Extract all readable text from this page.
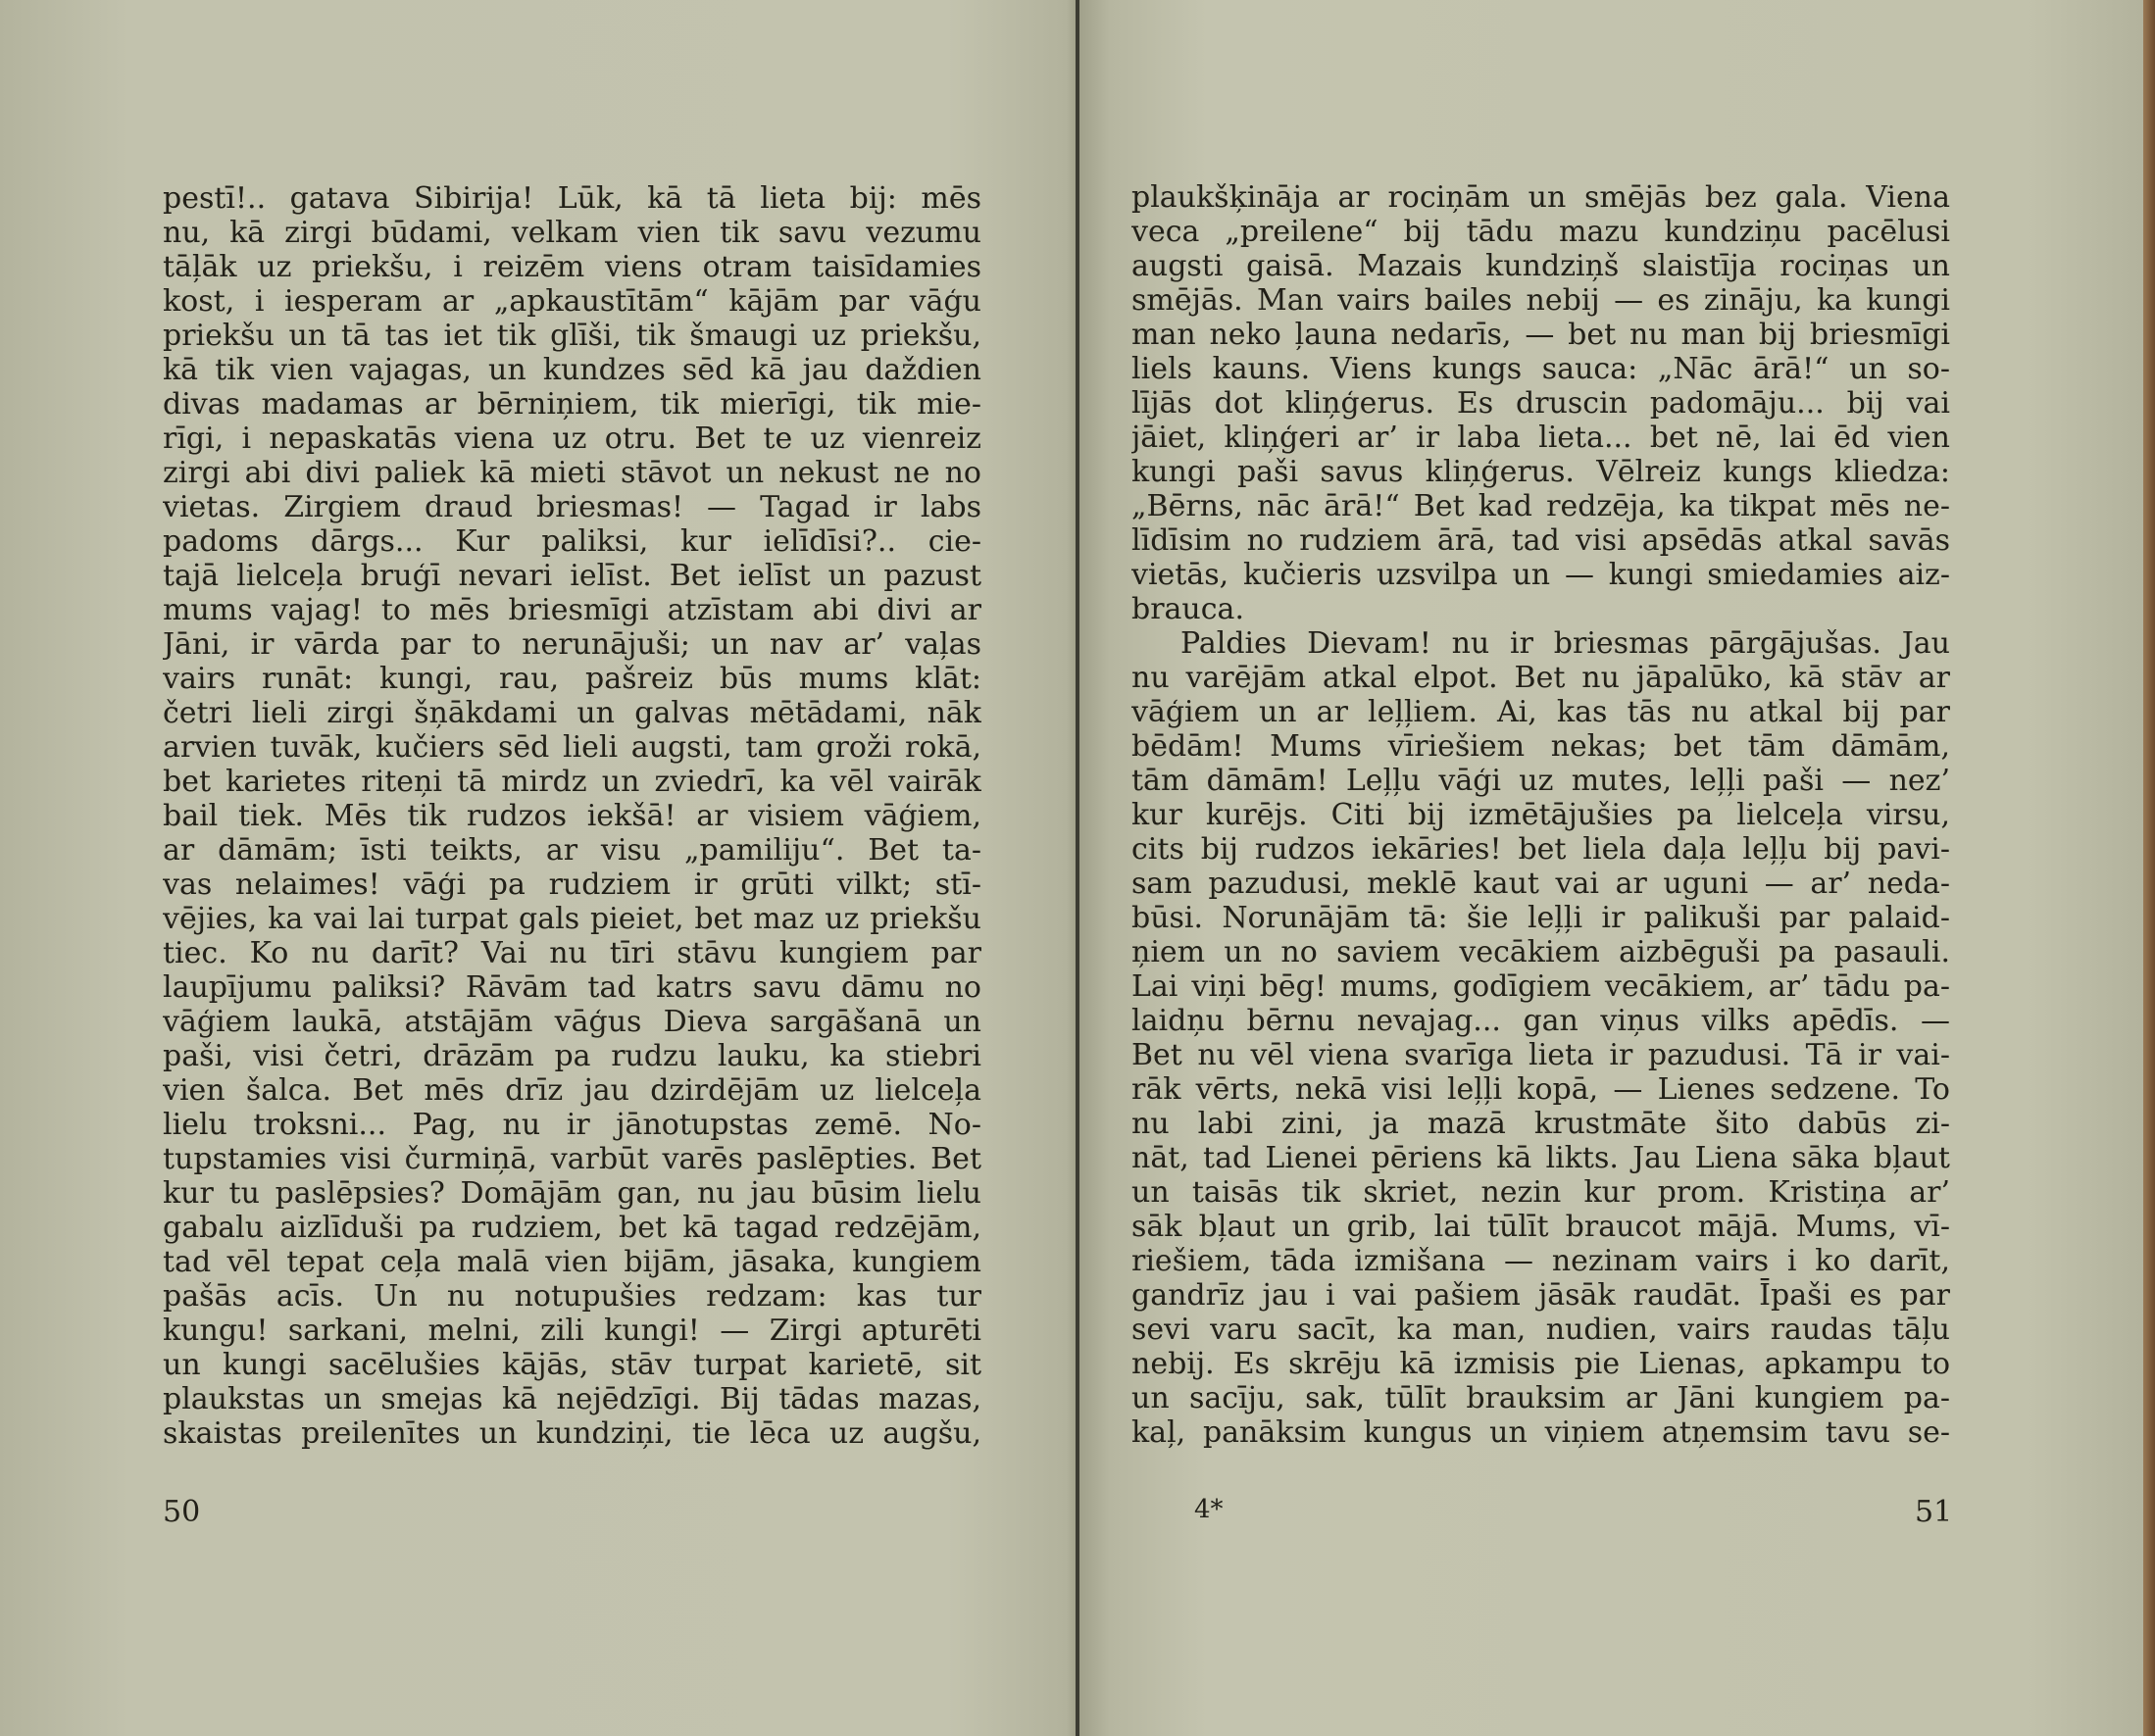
pestī!.. gatava Sibirija! Lūk, kā tā lieta bij: mēs
nu, kā zirgi būdami, velkam vien tik savu vezumu
tāļāk uz priekšu, i reizēm viens otram taisīdamies
kost, i iesperam ar „apkaustītām“ kājām par vāģu
priekšu un tā tas iet tik glīši, tik šmaugi uz priekšu,
kā tik vien vajagas, un kundzes sēd kā jau daždien
divas madamas ar bērniņiem, tik mierīgi, tik mie-
rīgi, i nepaskatās viena uz otru. Bet te uz vienreiz
zirgi abi divi paliek kā mieti stāvot un nekust ne no
vietas. Zirgiem draud briesmas! — Tagad ir labs
padoms dārgs... Kur paliksi, kur ielīdīsi?.. cie-
tajā lielceļa bruģī nevari ielīst. Bet ielīst un pazust
mums vajag! to mēs briesmīgi atzīstam abi divi ar
Jāni, ir vārda par to nerunājuši; un nav ar’ vaļas
vairs runāt: kungi, rau, pašreiz būs mums klāt:
četri lieli zirgi šņākdami un galvas mētādami, nāk
arvien tuvāk, kučiers sēd lieli augsti, tam groži rokā,
bet karietes riteņi tā mirdz un zviedrī, ka vēl vairāk
bail tiek. Mēs tik rudzos iekšā! ar visiem vāģiem,
ar dāmām; īsti teikts, ar visu „pamiliju“. Bet ta-
vas nelaimes! vāģi pa rudziem ir grūti vilkt; stī-
vējies, ka vai lai turpat gals pieiet, bet maz uz priekšu
tiec. Ko nu darīt? Vai nu tīri stāvu kungiem par
laupījumu paliksi? Rāvām tad katrs savu dāmu no
vāģiem laukā, atstājām vāģus Dieva sargāšanā un
paši, visi četri, drāzām pa rudzu lauku, ka stiebri
vien šalca. Bet mēs drīz jau dzirdējām uz lielceļa
lielu troksni... Pag, nu ir jānotupstas zemē. No-
tupstamies visi čurmiņā, varbūt varēs paslēpties. Bet
kur tu paslēpsies? Domājām gan, nu jau būsim lielu
gabalu aizlīduši pa rudziem, bet kā tagad redzējām,
tad vēl tepat ceļa malā vien bijām, jāsaka, kungiem
pašās acīs. Un nu notupušies redzam: kas tur
kungu! sarkani, melni, zili kungi! — Zirgi apturēti
un kungi sacēlušies kājās, stāv turpat karietē, sit
plaukstas un smejas kā nejēdzīgi. Bij tādas mazas,
skaistas preilenītes un kundziņi, tie lēca uz augšu,
50
plaukšķināja ar rociņām un smējās bez gala. Viena
veca „preilene“ bij tādu mazu kundziņu pacēlusi
augsti gaisā. Mazais kundziņš slaistīja rociņas un
smējās. Man vairs bailes nebij — es zināju, ka kungi
man neko ļauna nedarīs, — bet nu man bij briesmīgi
liels kauns. Viens kungs sauca: „Nāc ārā!“ un so-
lījās dot kliņģerus. Es druscin padomāju... bij vai
jāiet, kliņģeri ar’ ir laba lieta... bet nē, lai ēd vien
kungi paši savus kliņģerus. Vēlreiz kungs kliedza:
„Bērns, nāc ārā!“ Bet kad redzēja, ka tikpat mēs ne-
līdīsim no rudziem ārā, tad visi apsēdās atkal savās
vietās, kučieris uzsvilpa un — kungi smiedamies aiz-
brauca.
Paldies Dievam! nu ir briesmas pārgājušas. Jau
nu varējām atkal elpot. Bet nu jāpalūko, kā stāv ar
vāģiem un ar leļļiem. Ai, kas tās nu atkal bij par
bēdām! Mums vīriešiem nekas; bet tām dāmām,
tām dāmām! Leļļu vāģi uz mutes, leļļi paši — nez’
kur kurējs. Citi bij izmētājušies pa lielceļa virsu,
cits bij rudzos iekāries! bet liela daļa leļļu bij pavi-
sam pazudusi, meklē kaut vai ar uguni — ar’ neda-
būsi. Norunājām tā: šie leļļi ir palikuši par palaid-
ņiem un no saviem vecākiem aizbēguši pa pasauli.
Lai viņi bēg! mums, godīgiem vecākiem, ar’ tādu pa-
laidņu bērnu nevajag... gan viņus vilks apēdīs. —
Bet nu vēl viena svarīga lieta ir pazudusi. Tā ir vai-
rāk vērts, nekā visi leļļi kopā, — Lienes sedzene. To
nu labi zini, ja mazā krustmāte šito dabūs zi-
nāt, tad Lienei pēriens kā likts. Jau Liena sāka bļaut
un taisās tik skriet, nezin kur prom. Kristiņa ar’
sāk bļaut un grib, lai tūlīt braucot mājā. Mums, vī-
riešiem, tāda izmišana — nezinam vairs i ko darīt,
gandrīz jau i vai pašiem jāsāk raudāt. Īpaši es par
sevi varu sacīt, ka man, nudien, vairs raudas tāļu
nebij. Es skrēju kā izmisis pie Lienas, apkampu to
un sacīju, sak, tūlīt brauksim ar Jāni kungiem pa-
kaļ, panāksim kungus un viņiem atņemsim tavu se-
4*	51
